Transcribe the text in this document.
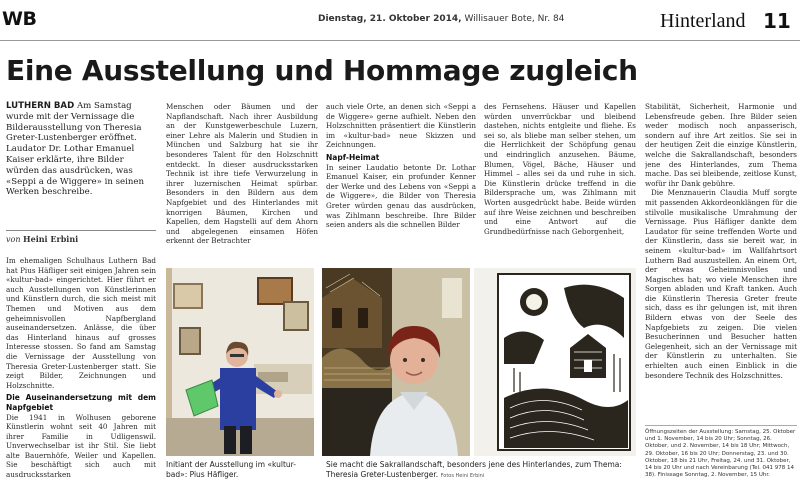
WB	Dienstag, 21. Oktober 2014, Willisauer Bote, Nr. 84	Hinterland 11
Eine Ausstellung und Hommage zugleich
LUTHERN BAD Am Samstag wurde mit der Vernissage die Bilderausstellung von Theresia Greter-Lustenberger eröffnet. Laudator Dr. Lothar Emanuel Kaiser erklärte, ihre Bilder würden das ausdrücken, was «Seppi a de Wiggere» in seinen Werken beschreibe.
von Heini Erbini

Im ehemaligen Schulhaus Luthern Bad hat Pius Häfliger seit einigen Jahren sein «kultur-bad» eingerichtet. Hier führt er auch Ausstellungen von Künstlerinnen und Künstlern durch, die sich meist mit Themen und Motiven aus dem geheimnisvollen Napfbergland auseinandersetzen. Anlässe, die über das Hinterland hinaus auf grosses Interesse stossen. So fand am Samstag die Vernissage der Ausstellung von Theresia Greter-Lustenberger statt. Sie zeigt Bilder, Zeichnungen und Holzschnitte.

Die Auseinandersetzung mit dem Napfgebiet

Die 1941 in Wolhusen geborene Künstlerin wohnt seit 40 Jahren mit ihrer Familie in Udligenswil. Unverwechselbar ist ihr Stil. Sie liebt alte Bauernhöfe, Weiler und Kapellen. Sie beschäftigt sich auch mit ausdrucksstarken

Menschen oder Bäumen und der Napflandschaft. Nach ihrer Ausbildung an der Kunstgewerbeschule Luzern, einer Lehre als Malerin und Studien in München und Salzburg hat sie ihr besonderes Talent für den Holzschnitt entdeckt. In dieser ausdrucksstarken Technik ist ihre tiefe Verwurzelung in ihrer luzernischen Heimat spürbar. Besonders in den Bildern aus dem Napfgebiet und des Hinterlandes mit knorrigen Bäumen, Kirchen und Kapellen, dem Hagstelli auf dem Ahorn und abgelegenen einsamen Höfen erkennt der Betrachter

auch viele Orte, an denen sich «Seppi a de Wiggere» gerne aufhielt. Neben den Holzschnitten präsentiert die Künstlerin im «kultur-bad» neue Skizzen und Zeichnungen.

Napf-Heimat

In seiner Laudatio betonte Dr. Lothar Emanuel Kaiser, ein profunder Kenner der Werke und des Lebens von «Seppi a de Wiggere», die Bilder von Theresia Greter würden genau das ausdrücken, was Zihlmann beschreibe. Ihre Bilder seien anders als die schnellen Bilder

des Fernsehens. Häuser und Kapellen würden unverrückbar und bleibend dastehen, nichts entgleite und fliehe. Es sei so, als bliebe man selber stehen, um die Herrlichkeit der Schöpfung genau und eindringlich anzusehen. Bäume, Blumen, Vögel, Bäche, Häuser und Himmel – alles sei da und ruhe in sich. Die Künstlerin drücke treffend in die Bildersprache um, was Zihlmann mit Worten ausgedrückt habe. Beide würden auf ihre Weise zeichnen und beschreiben und eine Antwort auf die Grundbedürfnisse nach Geborgenheit,

Stabilität, Sicherheit, Harmonie und Lebensfreude geben. Ihre Bilder seien weder modisch noch anpasserisch, sondern auf ihre Art zeitlos. Sie sei in der heutigen Zeit die einzige Künstlerin, welche die Sakrallandschaft, besonders jene des Hinterlandes, zum Thema mache. Das sei bleibende, zeitlose Kunst, wofür ihr Dank gebühre.

Die Menznauerin Claudia Muff sorgte mit passenden Akkordeonklängen für die stilvolle musikalische Umrahmung der Vernissage. Pius Häfliger dankte dem Laudator für seine treffenden Worte und der Künstlerin, dass sie bereit war, in seinem «kultur-bad» im Wallfahrtsort Luthern Bad auszustellen. An einem Ort, der etwas Geheimnisvolles und Magisches hat; wo viele Menschen ihre Sorgen abladen und Kraft tanken. Auch die Künstlerin Theresia Greter freute sich, dass es ihr gelungen ist, mit ihren Bildern etwas von der Seele des Napfgebiets zu zeigen. Die vielen Besucherinnen und Besucher hatten Gelegenheit, sich an der Vernissage mit der Künstlerin zu unterhalten. Sie erhielten auch einen Einblick in die besondere Technik des Holzschnittes.

Initiant der Ausstellung im «kultur-bad»: Pius Häfliger.
Sie macht die Sakrallandschaft, besonders jene des Hinterlandes, zum Thema: Theresia Greter-Lustenberger. Fotos Heini Erbini
Öffnungszeiten der Ausstellung: Samstag, 25. Oktober und 1. November, 14 bis 20 Uhr; Sonntag, 26. Oktober, und 2. November, 14 bis 18 Uhr; Mittwoch, 29. Oktober, 16 bis 20 Uhr; Donnerstag, 23. und 30. Oktober, 18 bis 21 Uhr, Freitag, 24. und 31. Oktober, 14 bis 20 Uhr und nach Vereinbarung (Tel. 041 978 14 38). Finissage Sonntag, 2. November, 15 Uhr.
